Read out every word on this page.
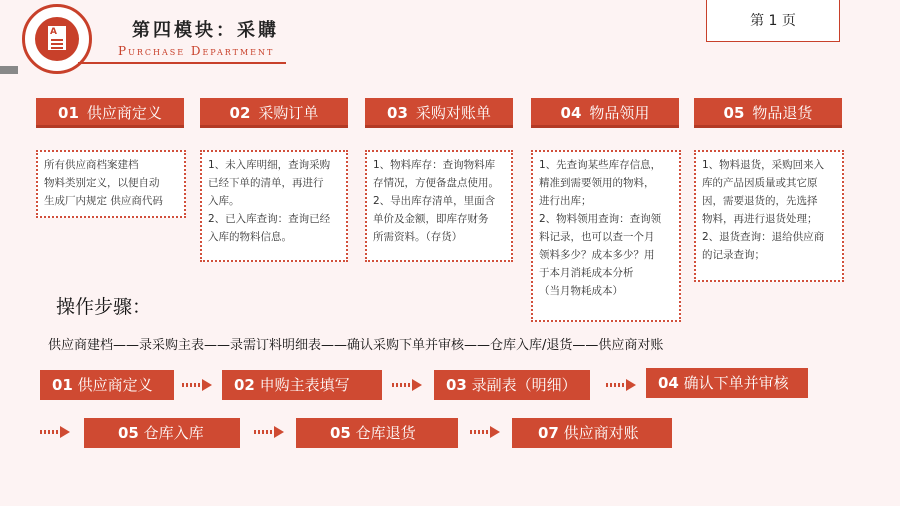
A	第四模块：采購
Purchase Department
第 1 页
01 供应商定义	02 采购订单	03 采购对账单	04 物品领用	05 物品退货

所有供应商档案建档

物料类别定义，以便自动

生成厂内规定 供应商代码

1、未入库明细，查询采购

已经下单的清单，再进行

入库。

2、已入库查询：查询已经

入库的物料信息。

1、物料库存：查询物料库

存情况，方便备盘点使用。

2、导出库存清单，里面含

单价及金额，即库存财务

所需资料。（存货）

1、先查询某些库存信息，

精准到需要领用的物料，

进行出库；

2、物料领用查询：查询领

料记录，也可以查一个月

领料多少？成本多少？用

于本月消耗成本分析

（当月物耗成本）

1、物料退货，采购回来入

库的产品因质量或其它原

因，需要退货的，先选择

物料，再进行退货处理；

2、退货查询：退给供应商

的记录查询；

操作步骤：
供应商建档——录采购主表——录需订料明细表——确认采购下单并审核——仓库入库/退货——供应商对账
01 供应商定义	02 申购主表填写	03 录副表（明细）	04 确认下单并审核
05 仓库入库	05 仓库退货	07 供应商对账
